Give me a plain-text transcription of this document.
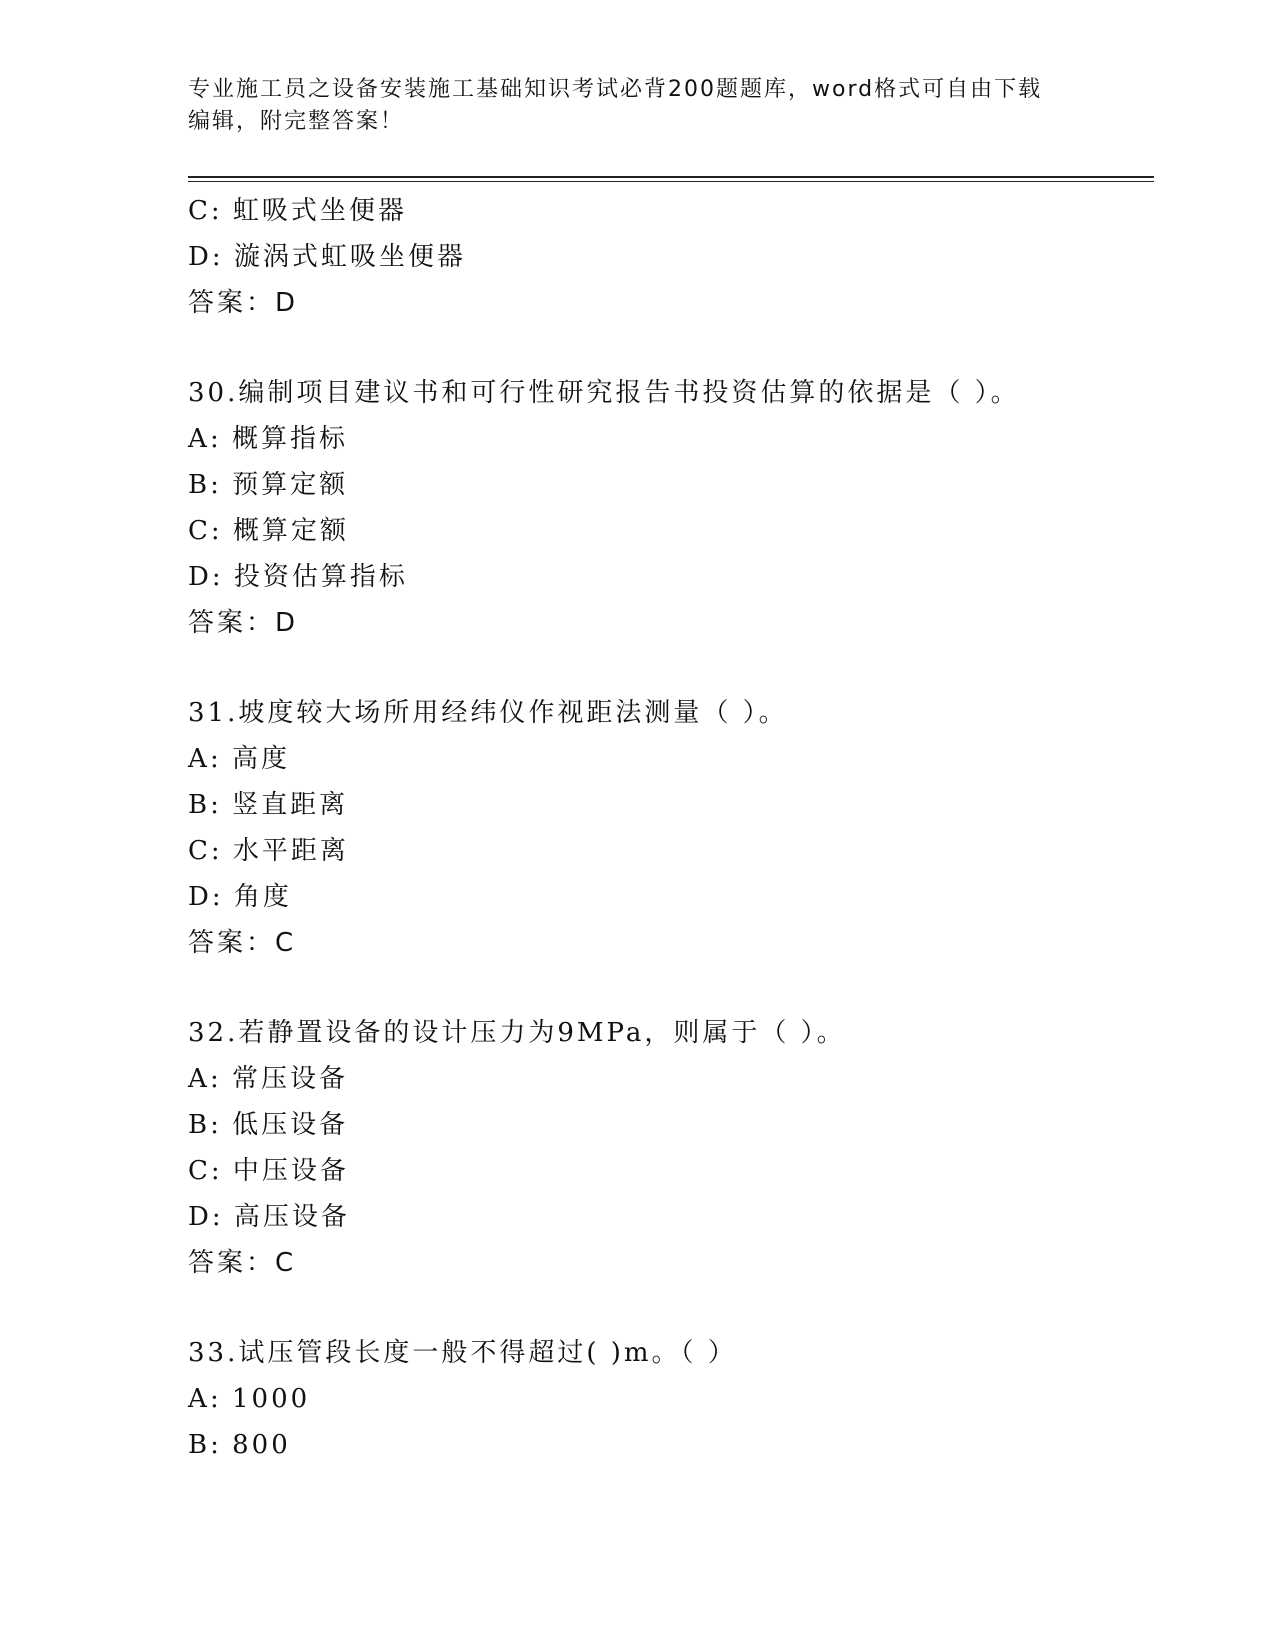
专业施工员之设备安装施工基础知识考试必背200题题库，word格式可自由下载
编辑，附完整答案！
C: 虹吸式坐便器
D: 漩涡式虹吸坐便器
答案：D
30.编制项目建议书和可行性研究报告书投资估算的依据是（ ）。
A: 概算指标
B: 预算定额
C: 概算定额
D: 投资估算指标
答案：D
31.坡度较大场所用经纬仪作视距法测量（ ）。
A: 高度
B: 竖直距离
C: 水平距离
D: 角度
答案：C
32.若静置设备的设计压力为9MPa，则属于（ ）。
A: 常压设备
B: 低压设备
C: 中压设备
D: 高压设备
答案：C
33.试压管段长度一般不得超过( )m。（ ）
A: 1000
B: 800
